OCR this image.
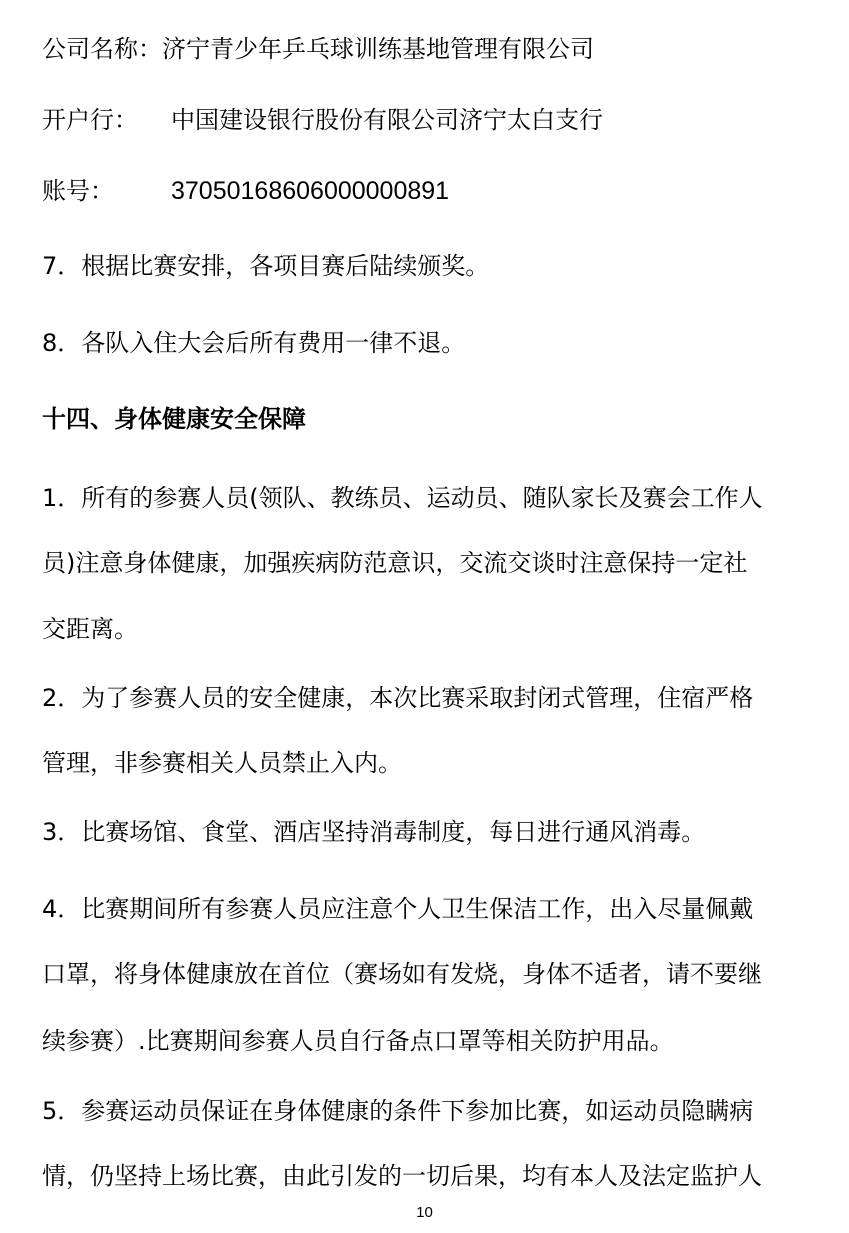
公司名称：济宁青少年乒乓球训练基地管理有限公司
开户行： 中国建设银行股份有限公司济宁太白支行
账号： 37050168606000000891
7．根据比赛安排，各项目赛后陆续颁奖。
8．各队入住大会后所有费用一律不退。
十四、身体健康安全保障
1．所有的参赛人员(领队、教练员、运动员、随队家长及赛会工作人
员)注意身体健康，加强疾病防范意识，交流交谈时注意保持一定社
交距离。
2．为了参赛人员的安全健康，本次比赛采取封闭式管理，住宿严格
管理，非参赛相关人员禁止入内。
3．比赛场馆、食堂、酒店坚持消毒制度，每日进行通风消毒。
4．比赛期间所有参赛人员应注意个人卫生保洁工作，出入尽量佩戴
口罩，将身体健康放在首位（赛场如有发烧，身体不适者，请不要继
续参赛）.比赛期间参赛人员自行备点口罩等相关防护用品。
5．参赛运动员保证在身体健康的条件下参加比赛，如运动员隐瞒病
情，仍坚持上场比赛，由此引发的一切后果，均有本人及法定监护人
10
